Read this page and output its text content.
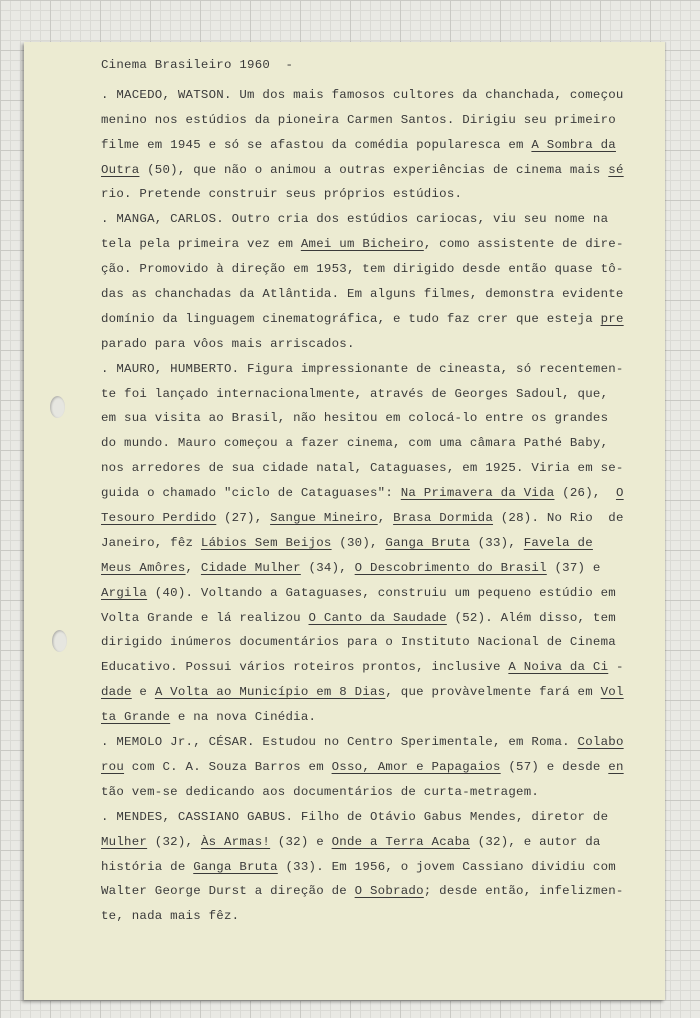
Cinema Brasileiro 1960  -
. MACEDO, WATSON. Um dos mais famosos cultores da chanchada, começou
menino nos estúdios da pioneira Carmen Santos. Dirigiu seu primeiro
filme em 1945 e só se afastou da comédia popularesca em A Sombra da
Outra (50), que não o animou a outras experiências de cinema mais sé
rio. Pretende construir seus próprios estúdios.
. MANGA, CARLOS. Outro cria dos estúdios cariocas, viu seu nome na
tela pela primeira vez em Amei um Bicheiro, como assistente de dire-
ção. Promovido à direção em 1953, tem dirigido desde então quase tô-
das as chanchadas da Atlântida. Em alguns filmes, demonstra evidente
domínio da linguagem cinematográfica, e tudo faz crer que esteja pre
parado para vôos mais arriscados.
. MAURO, HUMBERTO. Figura impressionante de cineasta, só recentemen-
te foi lançado internacionalmente, através de Georges Sadoul, que,
em sua visita ao Brasil, não hesitou em colocá-lo entre os grandes
do mundo. Mauro começou a fazer cinema, com uma câmara Pathé Baby,
nos arredores de sua cidade natal, Cataguases, em 1925. Viria em se-
guida o chamado "ciclo de Cataguases": Na Primavera da Vida (26),  O
Tesouro Perdido (27), Sangue Mineiro, Brasa Dormida (28). No Rio  de
Janeiro, fêz Lábios Sem Beijos (30), Ganga Bruta (33), Favela de
Meus Amôres, Cidade Mulher (34), O Descobrimento do Brasil (37) e
Argila (40). Voltando a Gataguases, construiu um pequeno estúdio em
Volta Grande e lá realizou O Canto da Saudade (52). Além disso, tem
dirigido inúmeros documentários para o Instituto Nacional de Cinema
Educativo. Possui vários roteiros prontos, inclusive A Noiva da Ci -
dade e A Volta ao Município em 8 Dias, que provàvelmente fará em Vol
ta Grande e na nova Cinédia.
. MEMOLO Jr., CÉSAR. Estudou no Centro Sperimentale, em Roma. Colabo
rou com C. A. Souza Barros em Osso, Amor e Papagaios (57) e desde en
tão vem-se dedicando aos documentários de curta-metragem.
. MENDES, CASSIANO GABUS. Filho de Otávio Gabus Mendes, diretor de
Mulher (32), Às Armas! (32) e Onde a Terra Acaba (32), e autor da
história de Ganga Bruta (33). Em 1956, o jovem Cassiano dividiu com
Walter George Durst a direção de O Sobrado; desde então, infelizmen-
te, nada mais fêz.
